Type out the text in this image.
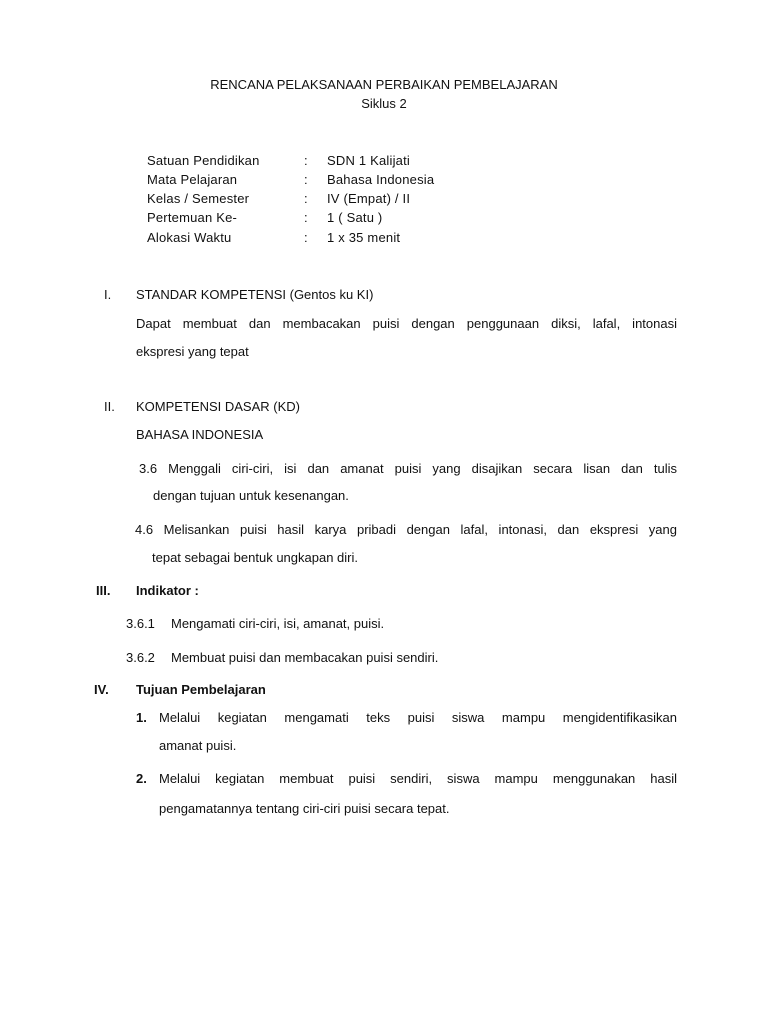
RENCANA PELAKSANAAN PERBAIKAN PEMBELAJARAN
Siklus 2
Satuan Pendidikan	: SDN 1 Kalijati
Mata Pelajaran	: Bahasa Indonesia
Kelas / Semester	: IV (Empat) / II
Pertemuan Ke-	: 1 ( Satu )
Alokasi Waktu	: 1 x 35 menit
I. STANDAR KOMPETENSI (Gentos ku KI)
Dapat membuat dan membacakan puisi dengan penggunaan diksi, lafal, intonasi
ekspresi yang tepat
II. KOMPETENSI DASAR (KD)
BAHASA INDONESIA
3.6 Menggali ciri-ciri, isi dan amanat puisi yang disajikan secara lisan dan tulis
dengan tujuan untuk kesenangan.
4.6 Melisankan puisi hasil karya pribadi dengan lafal, intonasi, dan ekspresi yang
tepat sebagai bentuk ungkapan diri.
III. Indikator :
3.6.1 Mengamati ciri-ciri, isi, amanat, puisi.
3.6.2 Membuat puisi dan membacakan puisi sendiri.
IV. Tujuan Pembelajaran
1. Melalui kegiatan mengamati teks puisi siswa mampu mengidentifikasikan
amanat puisi.
2. Melalui kegiatan membuat puisi sendiri, siswa mampu menggunakan hasil
pengamatannya tentang ciri-ciri puisi secara tepat.
